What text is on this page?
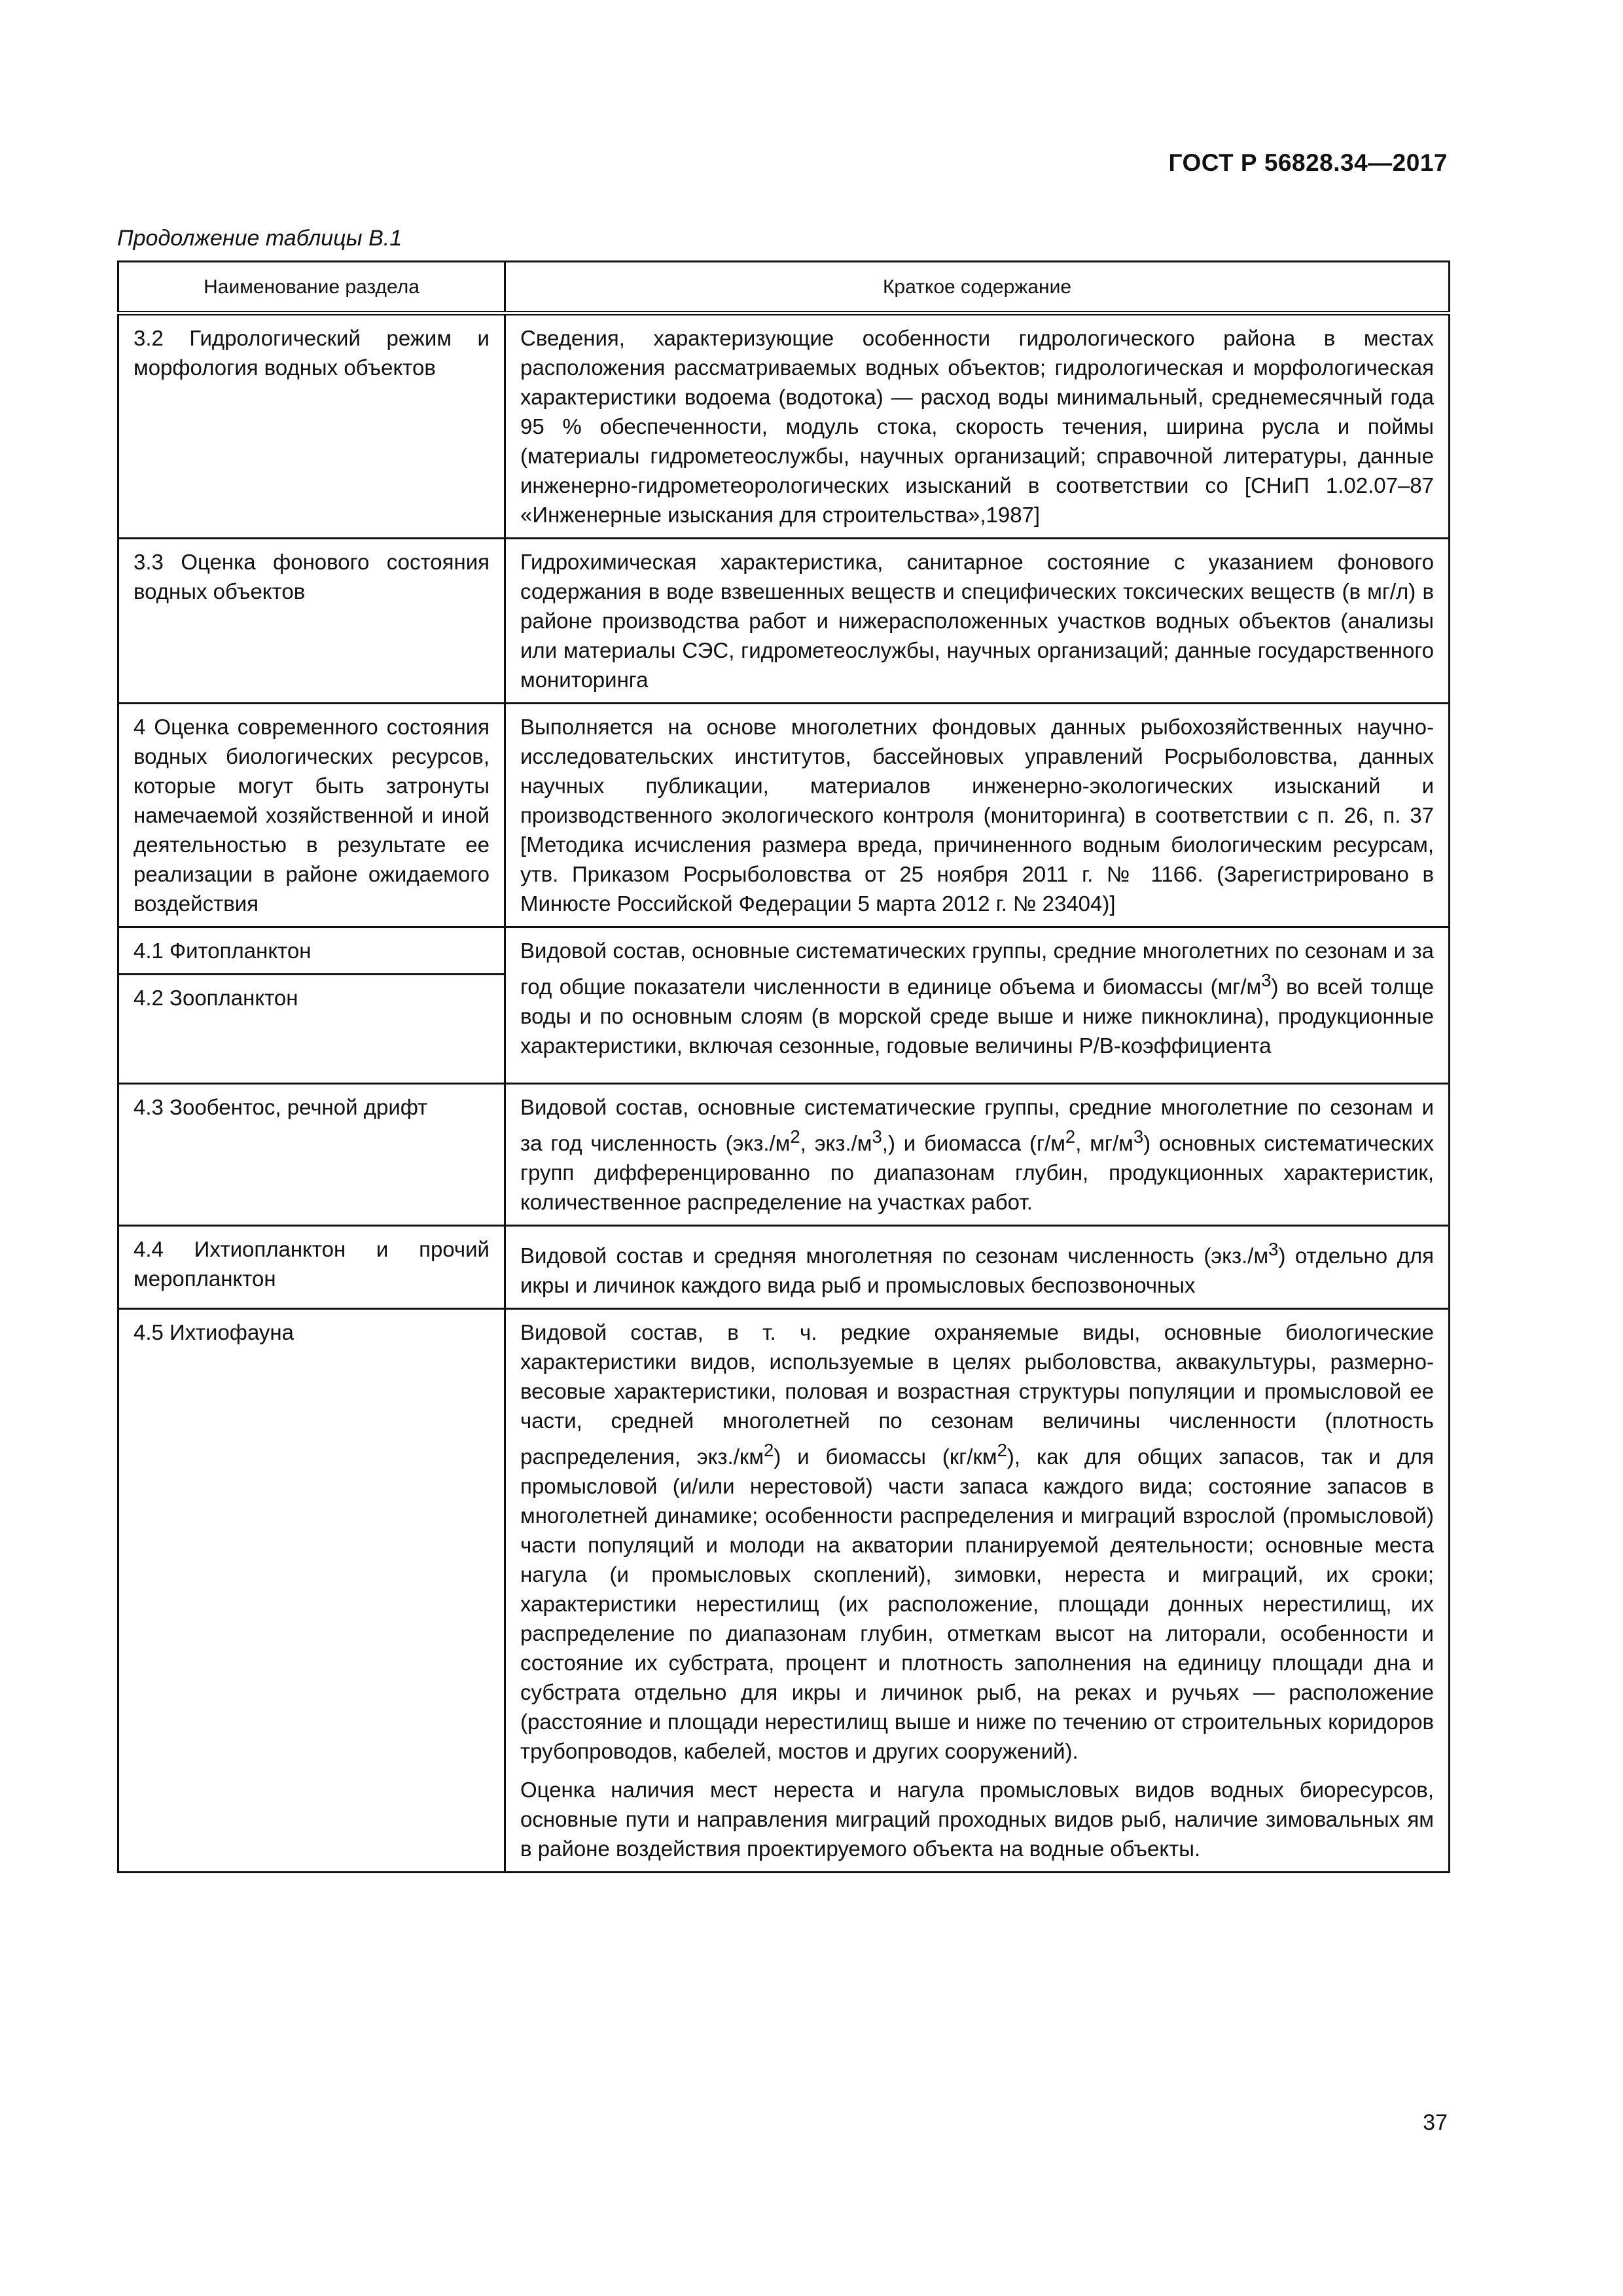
ГОСТ Р 56828.34—2017
Продолжение таблицы В.1
Наименование раздела	Краткое содержание
3.2 Гидрологический режим и морфология водных объектов	Сведения, характеризующие особенности гидрологического района в местах расположения рассматриваемых водных объектов; гидрологическая и морфологическая характеристики водоема (водотока) — расход воды минимальный, среднемесячный года 95 % обеспеченности, модуль стока, скорость течения, ширина русла и поймы (материалы гидрометеослужбы, научных организаций; справочной литературы, данные инженерно-гидрометеорологических изысканий в соответствии со [СНиП 1.02.07–87 «Инженерные изыскания для строительства»,1987]
3.3 Оценка фонового состояния водных объектов	Гидрохимическая характеристика, санитарное состояние с указанием фонового содержания в воде взвешенных веществ и специфических токсических веществ (в мг/л) в районе производства работ и нижерасположенных участков водных объектов (анализы или материалы СЭС, гидрометеослужбы, научных организаций; данные государственного мониторинга
4 Оценка современного состояния водных биологических ресурсов, которые могут быть затронуты намечаемой хозяйственной и иной деятельностью в результате ее реализации в районе ожидаемого воздействия	Выполняется на основе многолетних фондовых данных рыбохозяйственных научно-исследовательских институтов, бассейновых управлений Росрыболовства, данных научных публикации, материалов инженерно-экологических изысканий и производственного экологического контроля (мониторинга) в соответствии с п. 26, п. 37 [Методика исчисления размера вреда, причиненного водным биологическим ресурсам, утв. Приказом Росрыболовства от 25 ноября 2011 г. № 1166. (Зарегистрировано в Минюсте Российской Федерации 5 марта 2012 г. № 23404)]
4.1 Фитопланктон	Видовой состав, основные систематических группы, средние многолетних по сезонам и за год общие показатели численности в единице объема и биомассы $(мг/м^3)$ во всей толще воды и по основным слоям (в морской среде выше и ниже пикноклина), продукционные характеристики, включая сезонные, годовые величины P/B-коэффициента
4.2 Зоопланктон	
4.3 Зообентос, речной дрифт	Видовой состав, основные систематические группы, средние многолетние по сезонам и за год численность ($экз./м^2$, $экз./м^3$,) и биомасса ($г/м^2$, $мг/м^3$) основных систематических групп дифференцированно по диапазонам глубин, продукционных характеристик, количественное распределение на участках работ.
4.4 Ихтиопланктон и прочий меропланктон	Видовой состав и средняя многолетняя по сезонам численность $(экз./м^3)$ отдельно для икры и личинок каждого вида рыб и промысловых беспозвоночных
4.5 Ихтиофауна	Видовой состав, в т. ч. редкие охраняемые виды, основные биологические характеристики видов, используемые в целях рыболовства, аквакультуры, размерно-весовые характеристики, половая и возрастная структуры популяции и промысловой ее части, средней многолетней по сезонам величины численности (плотность распределения, $экз./км^2$) и биомассы $(кг/км^2)$, как для общих запасов, так и для промысловой (и/или нерестовой) части запаса каждого вида; состояние запасов в многолетней динамике; особенности распределения и миграций взрослой (промысловой) части популяций и молоди на акватории планируемой деятельности; основные места нагула (и промысловых скоплений), зимовки, нереста и миграций, их сроки; характеристики нерестилищ (их расположение, площади донных нерестилищ, их распределение по диапазонам глубин, отметкам высот на литорали, особенности и состояние их субстрата, процент и плотность заполнения на единицу площади дна и субстрата отдельно для икры и личинок рыб, на реках и ручьях — расположение (расстояние и площади нерестилищ выше и ниже по течению от строительных коридоров трубопроводов, кабелей, мостов и других сооружений).

Оценка наличия мест нереста и нагула промысловых видов водных биоресурсов, основные пути и направления миграций проходных видов рыб, наличие зимовальных ям в районе воздействия проектируемого объекта на водные объекты.

37
